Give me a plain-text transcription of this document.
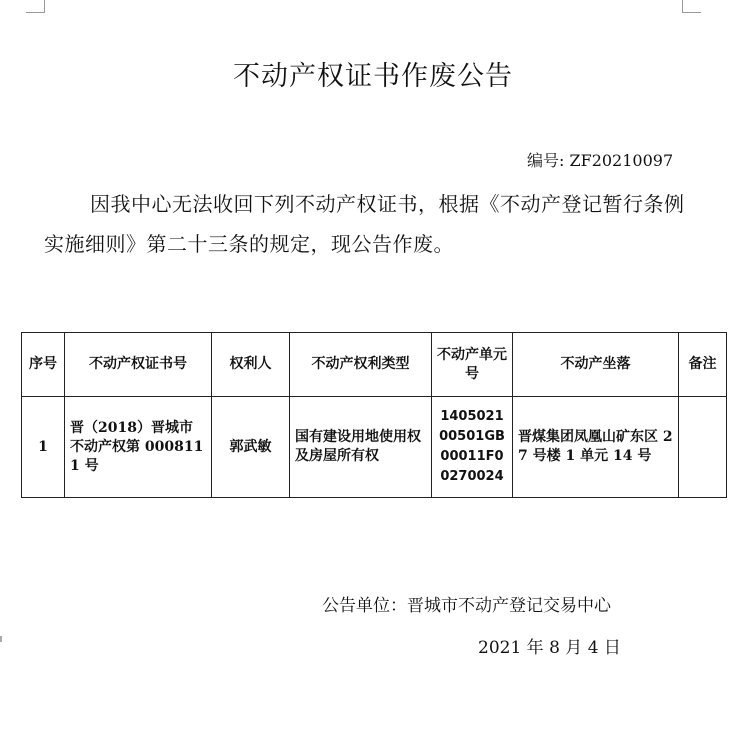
不动产权证书作废公告
编号: ZF20210097
因我中心无法收回下列不动产权证书，根据《不动产登记暂行条例实施细则》第二十三条的规定，现公告作废。
序号	不动产权证书号	权利人	不动产权利类型	不动产单元号	不动产坐落	备注
1	晋（2018）晋城市不动产权第 0008111 号	郭武敏	国有建设用地使用权及房屋所有权	140502100501GB00011F00270024	晋煤集团凤凰山矿东区 27 号楼 1 单元 14 号	
公告单位：晋城市不动产登记交易中心
2021 年 8 月 4 日
